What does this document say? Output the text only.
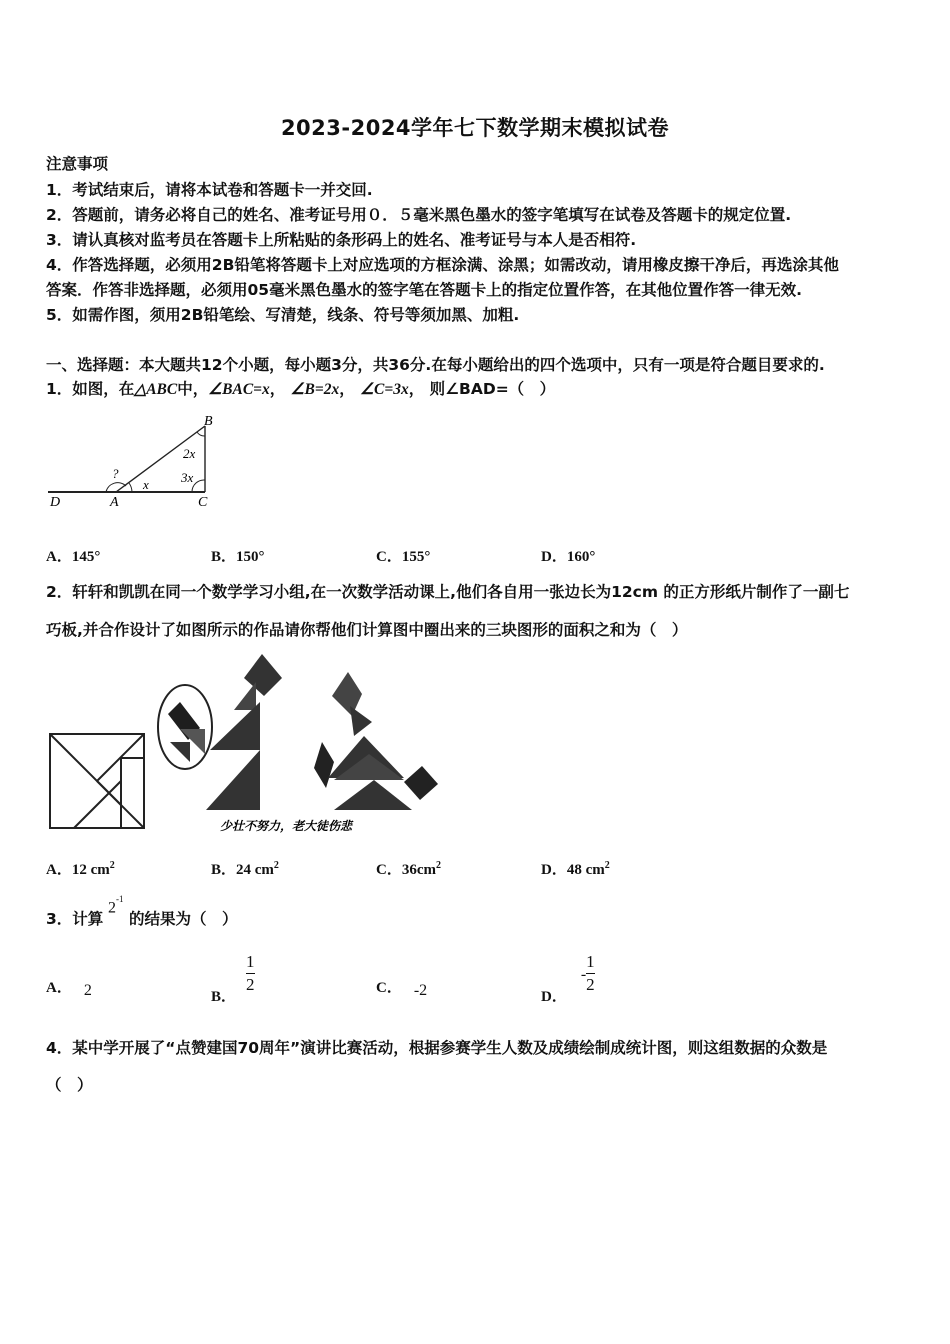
2023-2024学年七下数学期末模拟试卷
注意事项
1．考试结束后，请将本试卷和答题卡一并交回.
2．答题前，请务必将自己的姓名、准考证号用０．５毫米黑色墨水的签字笔填写在试卷及答题卡的规定位置.
3．请认真核对监考员在答题卡上所粘贴的条形码上的姓名、准考证号与本人是否相符.
4．作答选择题，必须用2B铅笔将答题卡上对应选项的方框涂满、涂黑；如需改动，请用橡皮擦干净后，再选涂其他
答案．作答非选择题，必须用05毫米黑色墨水的签字笔在答题卡上的指定位置作答，在其他位置作答一律无效.
5．如需作图，须用2B铅笔绘、写清楚，线条、符号等须加黑、加粗.
一、选择题：本大题共12个小题，每小题3分，共36分.在每小题给出的四个选项中，只有一项是符合题目要求的.
1．如图，在△ABC中，∠BAC=x， ∠B=2x， ∠C=3x， 则∠BAD=（　）
B
D	A	C
?
x
2x
3x
A．145°	B．150°	C．155°	D．160°
2．轩轩和凯凯在同一个数学学习小组,在一次数学活动课上,他们各自用一张边长为12cm 的正方形纸片制作了一副七
巧板,并合作设计了如图所示的作品请你帮他们计算图中圈出来的三块图形的面积之和为（　）
少壮不努力，老大徒伤悲
A．12 $cm^2$	B．24 $cm^2$	C．$36cm^2$	D．48 $cm^2$
3．计算
$2^{-1}$
的结果为（　）
A． 2	B．
$\frac{1}{2}$	C． -2	D．- $\frac{1}{2}$
4．某中学开展了“点赞建国70周年”演讲比赛活动，根据参赛学生人数及成绩绘制成统计图，则这组数据的众数是
（　）
